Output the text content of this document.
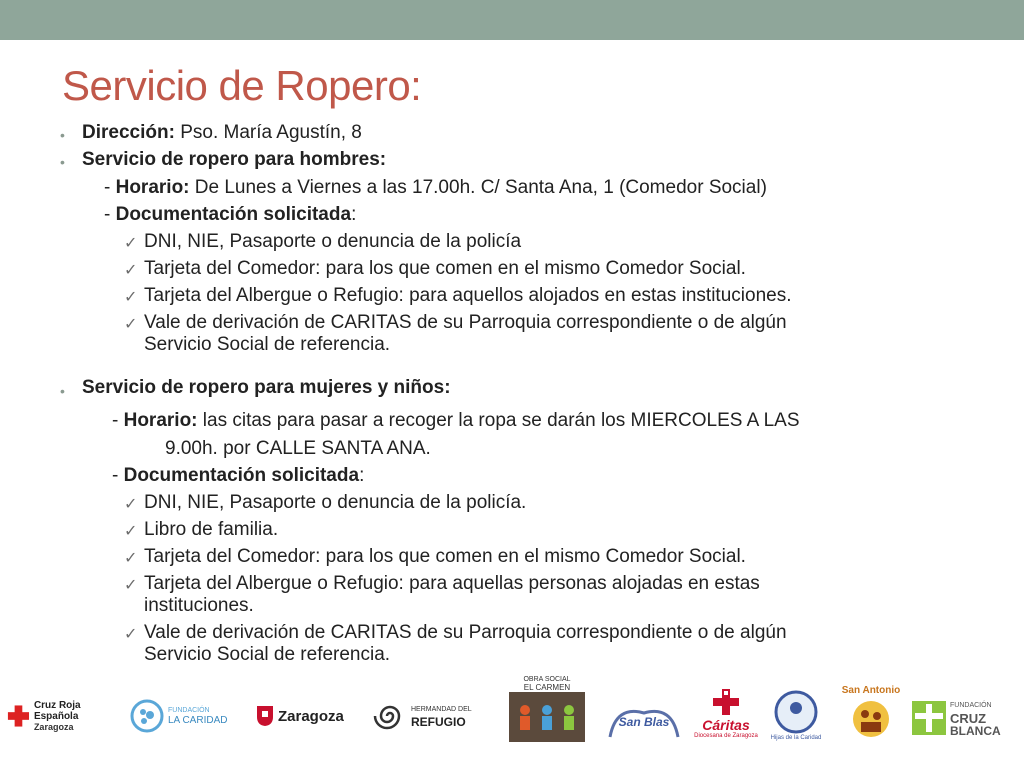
Servicio de Ropero:
• Dirección: Pso. María Agustín, 8
• Servicio de ropero para hombres:
- Horario: De Lunes a Viernes a las 17.00h. C/ Santa Ana, 1 (Comedor Social)
- Documentación solicitada:
✓ DNI, NIE, Pasaporte o denuncia de la policía
✓ Tarjeta del Comedor: para los que comen en el mismo Comedor Social.
✓ Tarjeta del Albergue o Refugio: para aquellos alojados en estas instituciones.
✓ Vale de derivación de CARITAS de su Parroquia correspondiente o de algún
Servicio Social de referencia.
• Servicio de ropero para mujeres y niños:
- Horario: las citas para pasar a recoger la ropa se darán los MIERCOLES A LAS
9.00h. por CALLE SANTA ANA.
- Documentación solicitada:
✓ DNI, NIE, Pasaporte o denuncia de la policía.
✓ Libro de familia.
✓ Tarjeta del Comedor: para los que comen en el mismo Comedor Social.
✓ Tarjeta del Albergue o Refugio: para aquellas personas alojadas en estas
instituciones.
✓ Vale de derivación de CARITAS de su Parroquia correspondiente o de algún
Servicio Social de referencia.
Cruz Roja Española
Zaragoza
FUNDACIÓN
LA CARIDAD	Zaragoza	HERMANDAD DEL
REFUGIO
OBRA SOCIAL
EL CARMEN
San Blas Cáritas
Diocesana de Zaragoza Hijas de la Caridad
San Antonio
FUNDACIÓN
CRUZ
BLANCA
